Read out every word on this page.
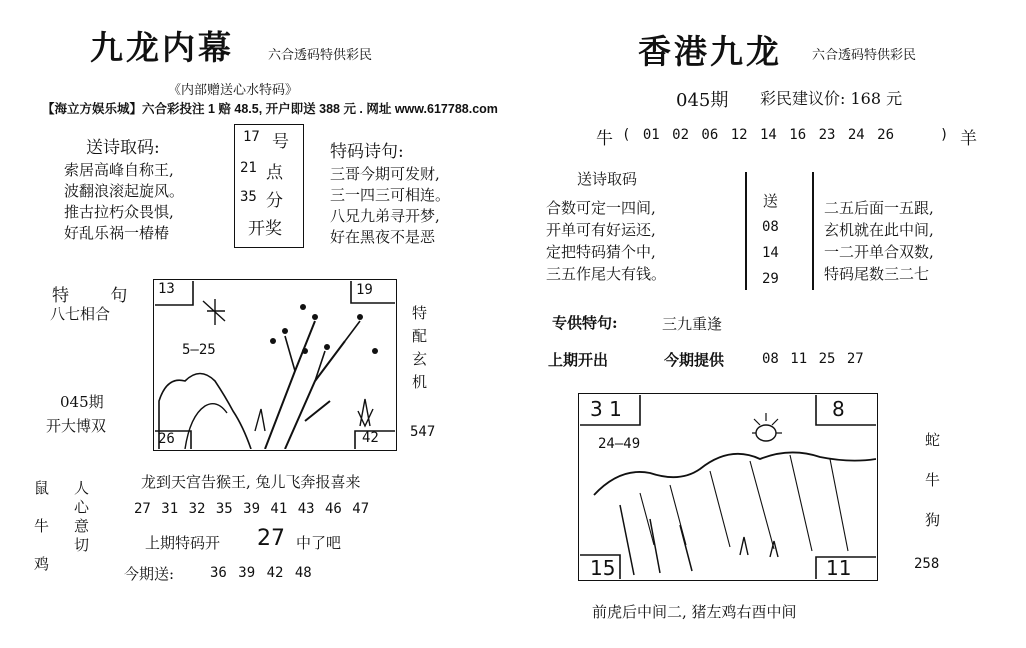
九龙内幕	六合透码特供彩民
《内部赠送心水特码》
【海立方娱乐城】六合彩投注 1 赔 48.5, 开户即送 388 元 . 网址 www.617788.com
送诗取码:
索居高峰自称王,
波翻浪滚起旋风。
推古拉朽众畏惧,
好乱乐祸一椿椿
17 号
21 点
35 分
开奖
特码诗句:
三哥今期可发财,
三一四三可相连。
八兄九弟寻开梦,
好在黑夜不是恶
特 句
八七相合
045期
开大博双
13	19
26	42
5—25
特
配
玄
机
547
鼠
牛
鸡
人
心
意
切
龙到天宫告猴王, 兔儿飞奔报喜来
27 31 32 35 39 41 43 46 47
上期特码开 27 中了吧
今期送:	36 39 42 48
香港九龙 六合透码特供彩民
045期 彩民建议价: 168 元
牛 ( 01 02 06 12 14 16 23 24 26	) 羊
送诗取码
合数可定一四间,
开单可有好运还,
定把特码猜个中,
三五作尾大有钱。
送
08
14
29
二五后面一五跟,
玄机就在此中间,
一二开单合双数,
特码尾数三二七
专供特句:	三九重逢
上期开出	今期提供	08 11 25 27
3 1	8
15	11
24—49	蛇
牛
狗
258
前虎后中间二, 猪左鸡右酉中间
